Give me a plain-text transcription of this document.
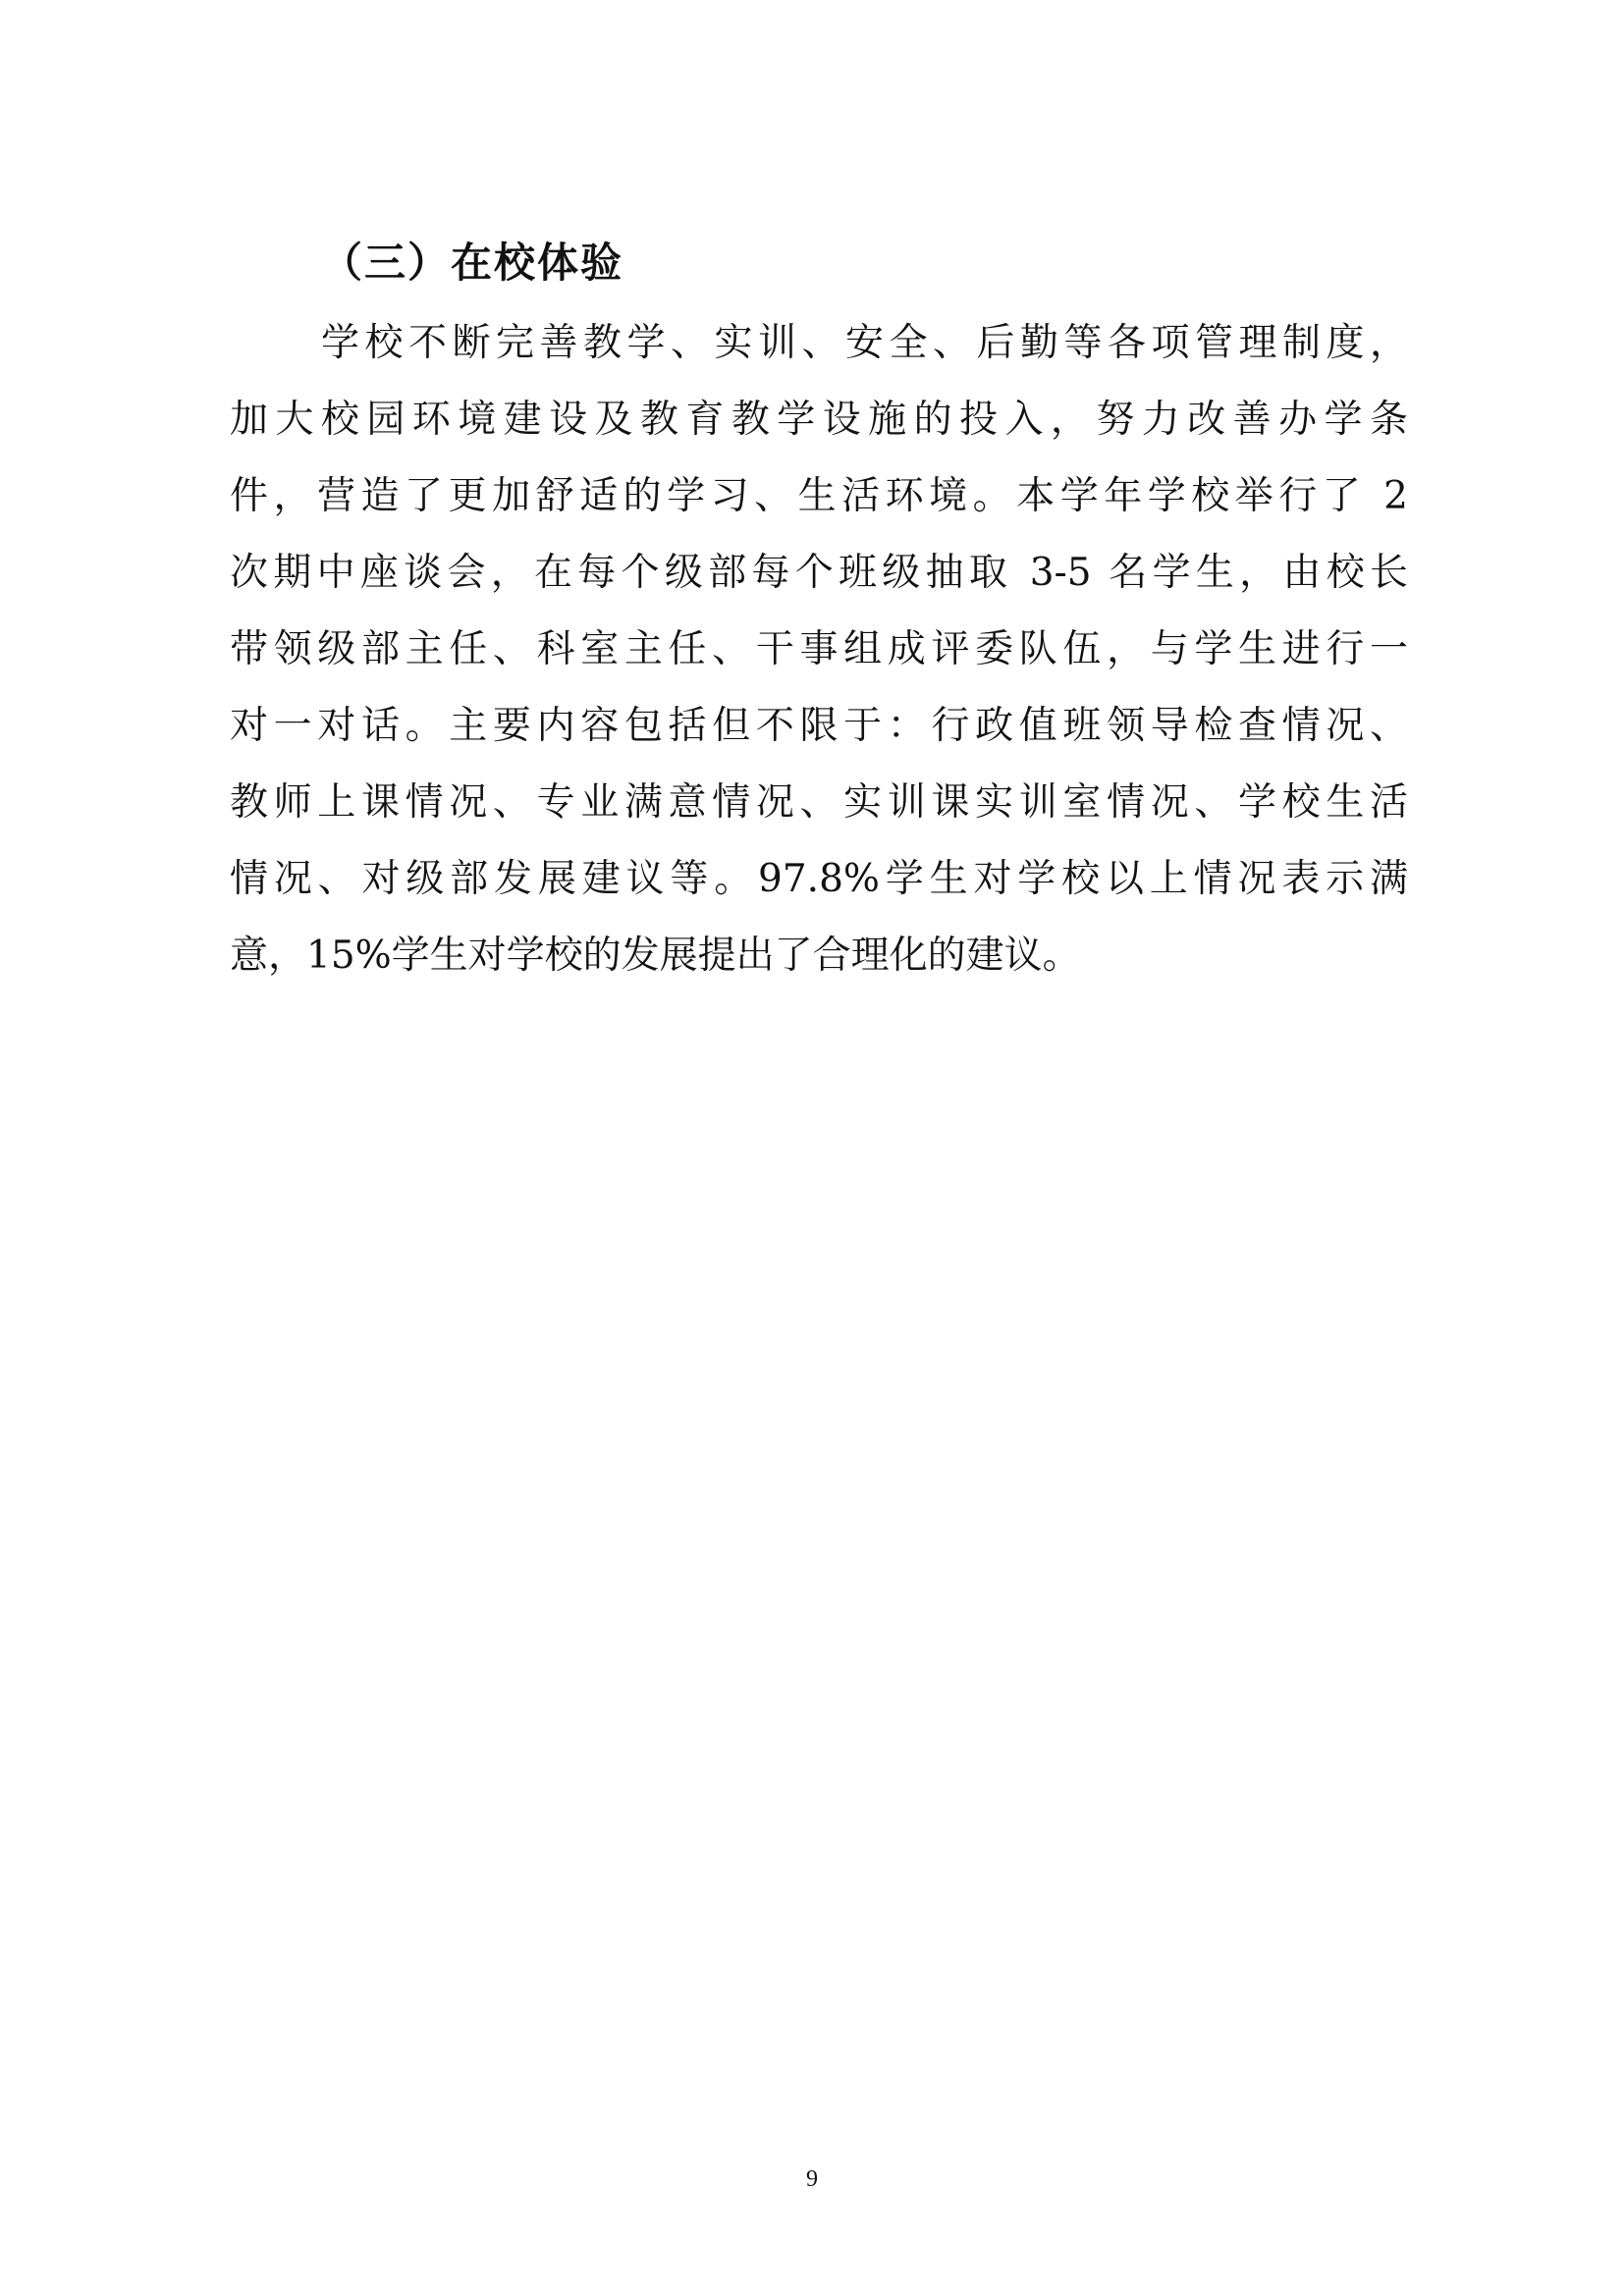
（三）在校体验
学校不断完善教学、实训、安全、后勤等各项管理制度，
加大校园环境建设及教育教学设施的投入，努力改善办学条
件，营造了更加舒适的学习、生活环境。本学年学校举行了 2
次期中座谈会，在每个级部每个班级抽取 3-5 名学生，由校长
带领级部主任、科室主任、干事组成评委队伍，与学生进行一
对一对话。主要内容包括但不限于：行政值班领导检查情况、
教师上课情况、专业满意情况、实训课实训室情况、学校生活
情况、对级部发展建议等。97.8%学生对学校以上情况表示满
意，15%学生对学校的发展提出了合理化的建议。
9
